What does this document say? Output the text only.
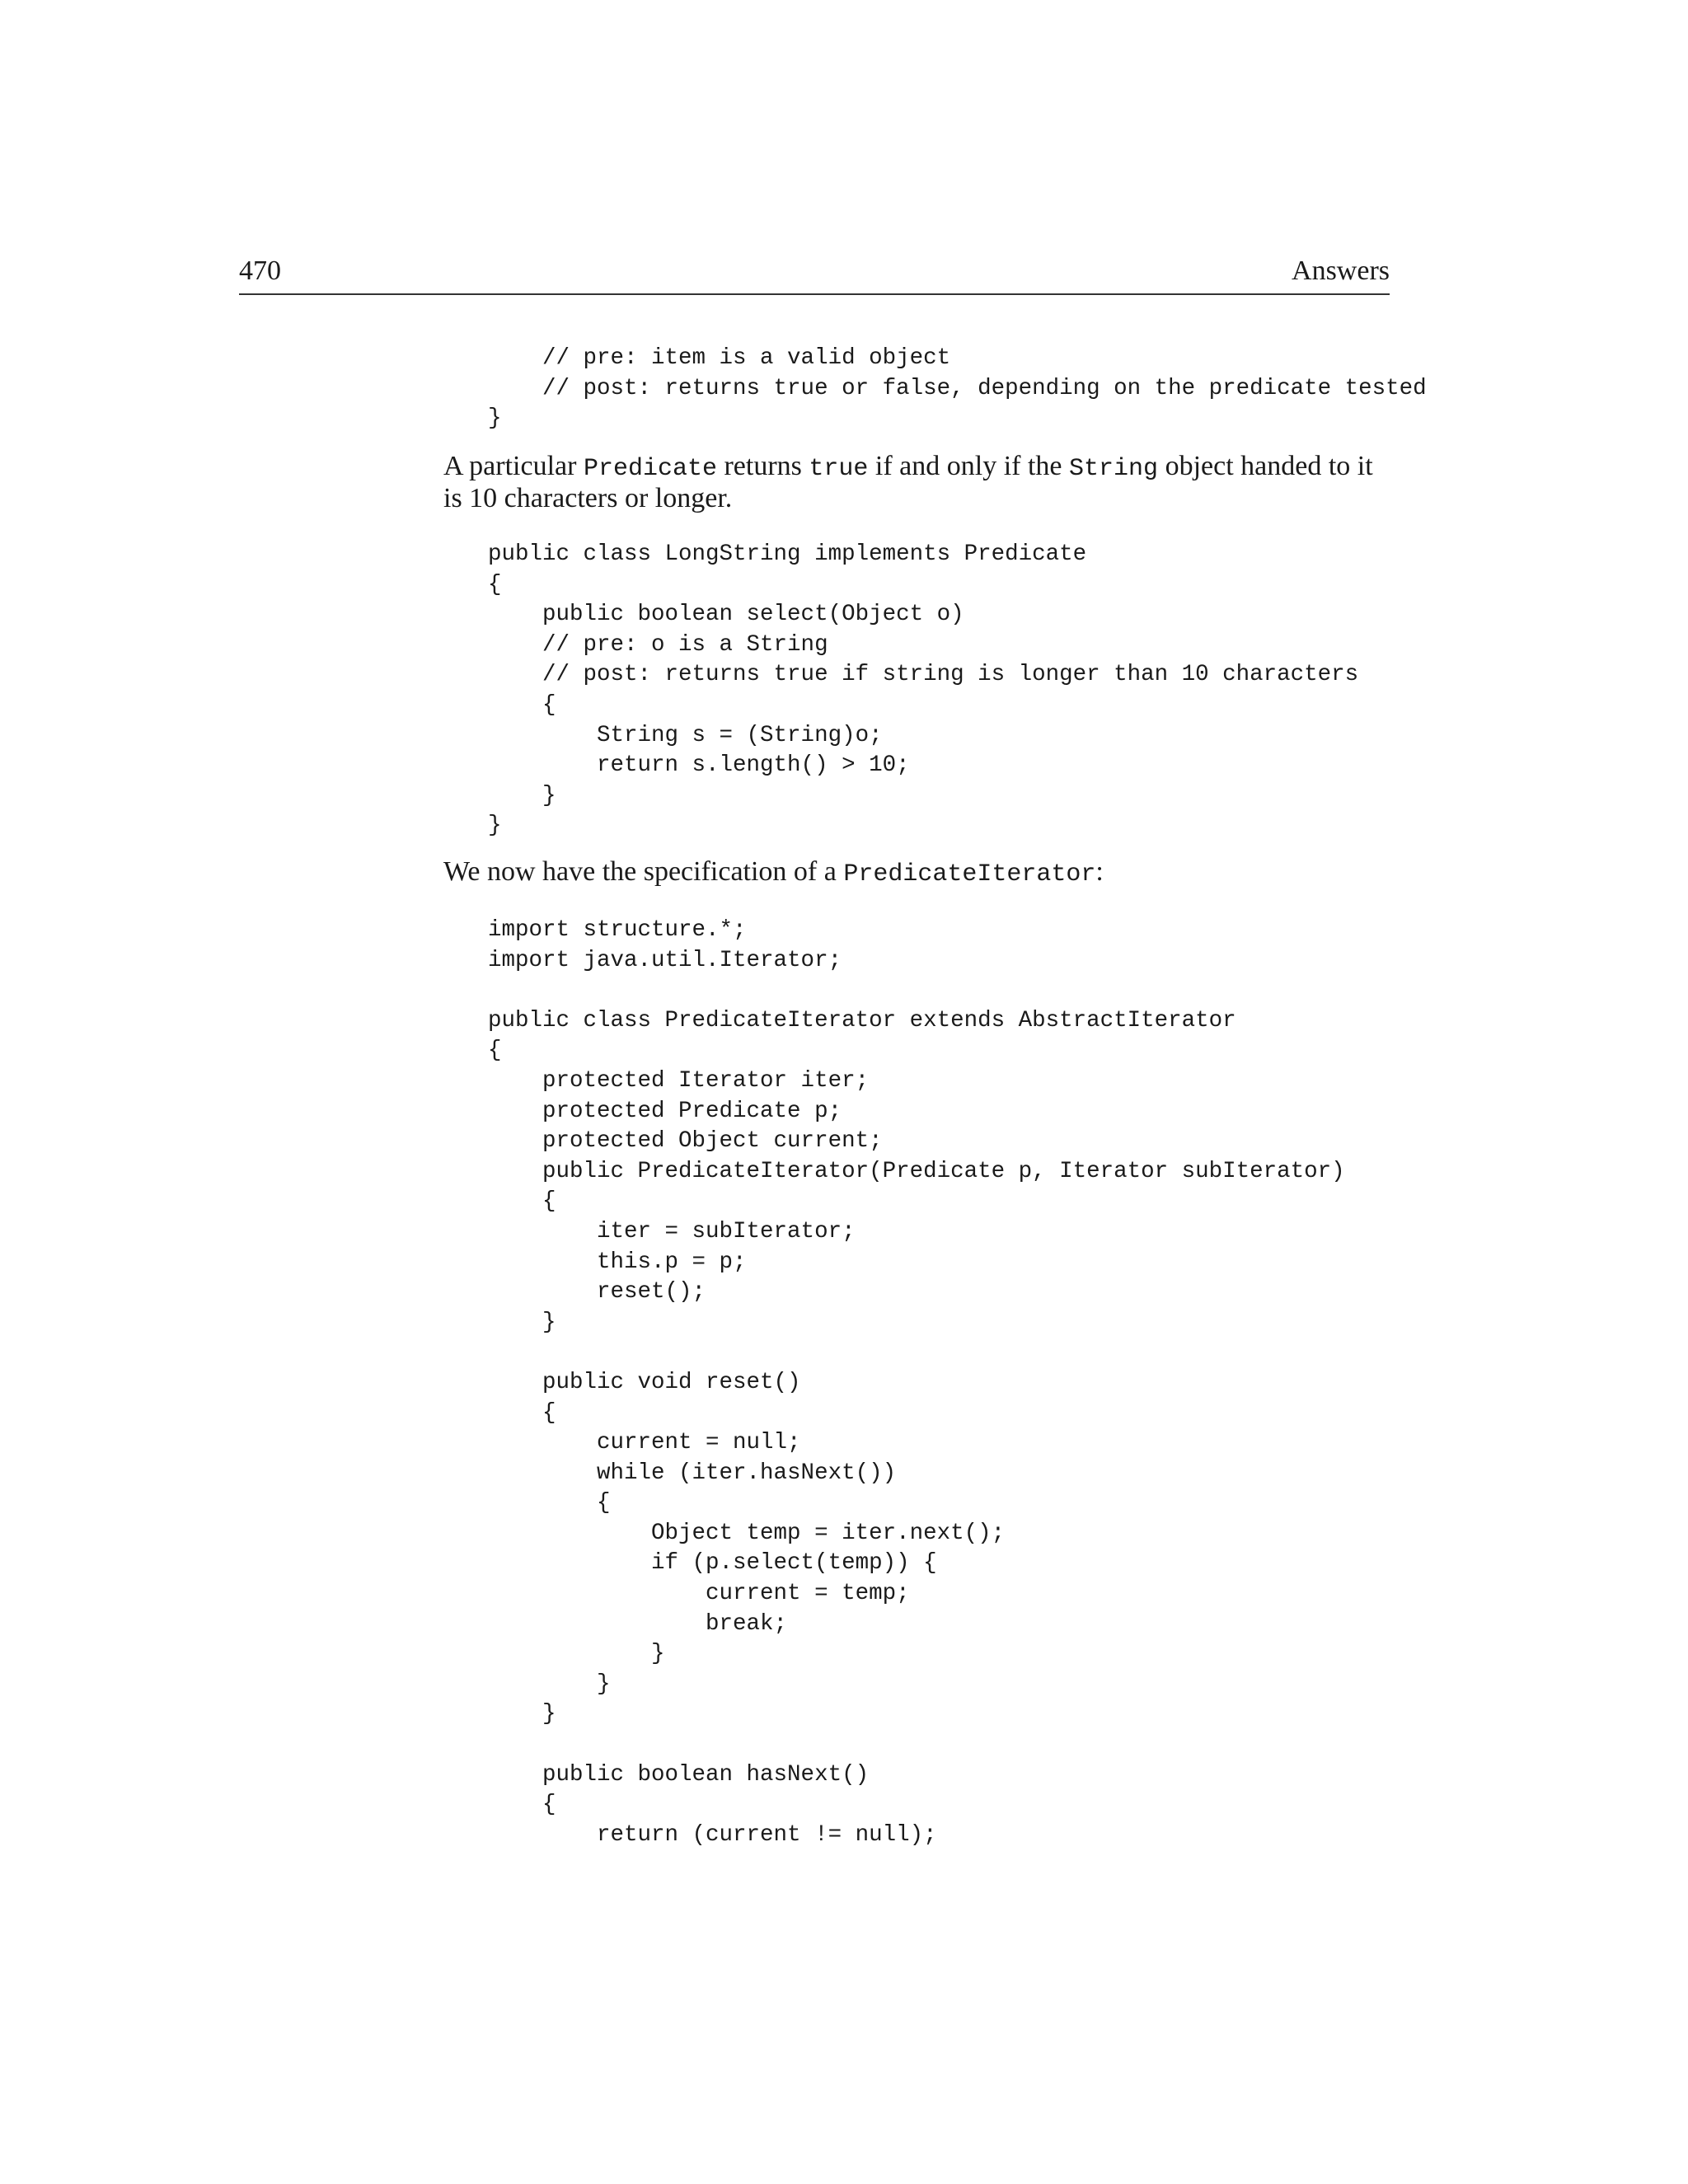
470	Answers
// pre: item is a valid object
// post: returns true or false, depending on the predicate tested
}

A particular Predicate returns true if and only if the String object handed to it is 10 characters or longer.

public class LongString implements Predicate
{
public boolean select(Object o)
// pre: o is a String
// post: returns true if string is longer than 10 characters
{
String s = (String)o;
return s.length() > 10;
}
}

We now have the specification of a PredicateIterator:

import structure.*;
import java.util.Iterator;

public class PredicateIterator extends AbstractIterator
{
protected Iterator iter;
protected Predicate p;
protected Object current;
public PredicateIterator(Predicate p, Iterator subIterator)
{
iter = subIterator;
this.p = p;
reset();
}

public void reset()
{
current = null;
while (iter.hasNext())
{
Object temp = iter.next();
if (p.select(temp)) {
current = temp;
break;
}
}
}

public boolean hasNext()
{
return (current != null);
